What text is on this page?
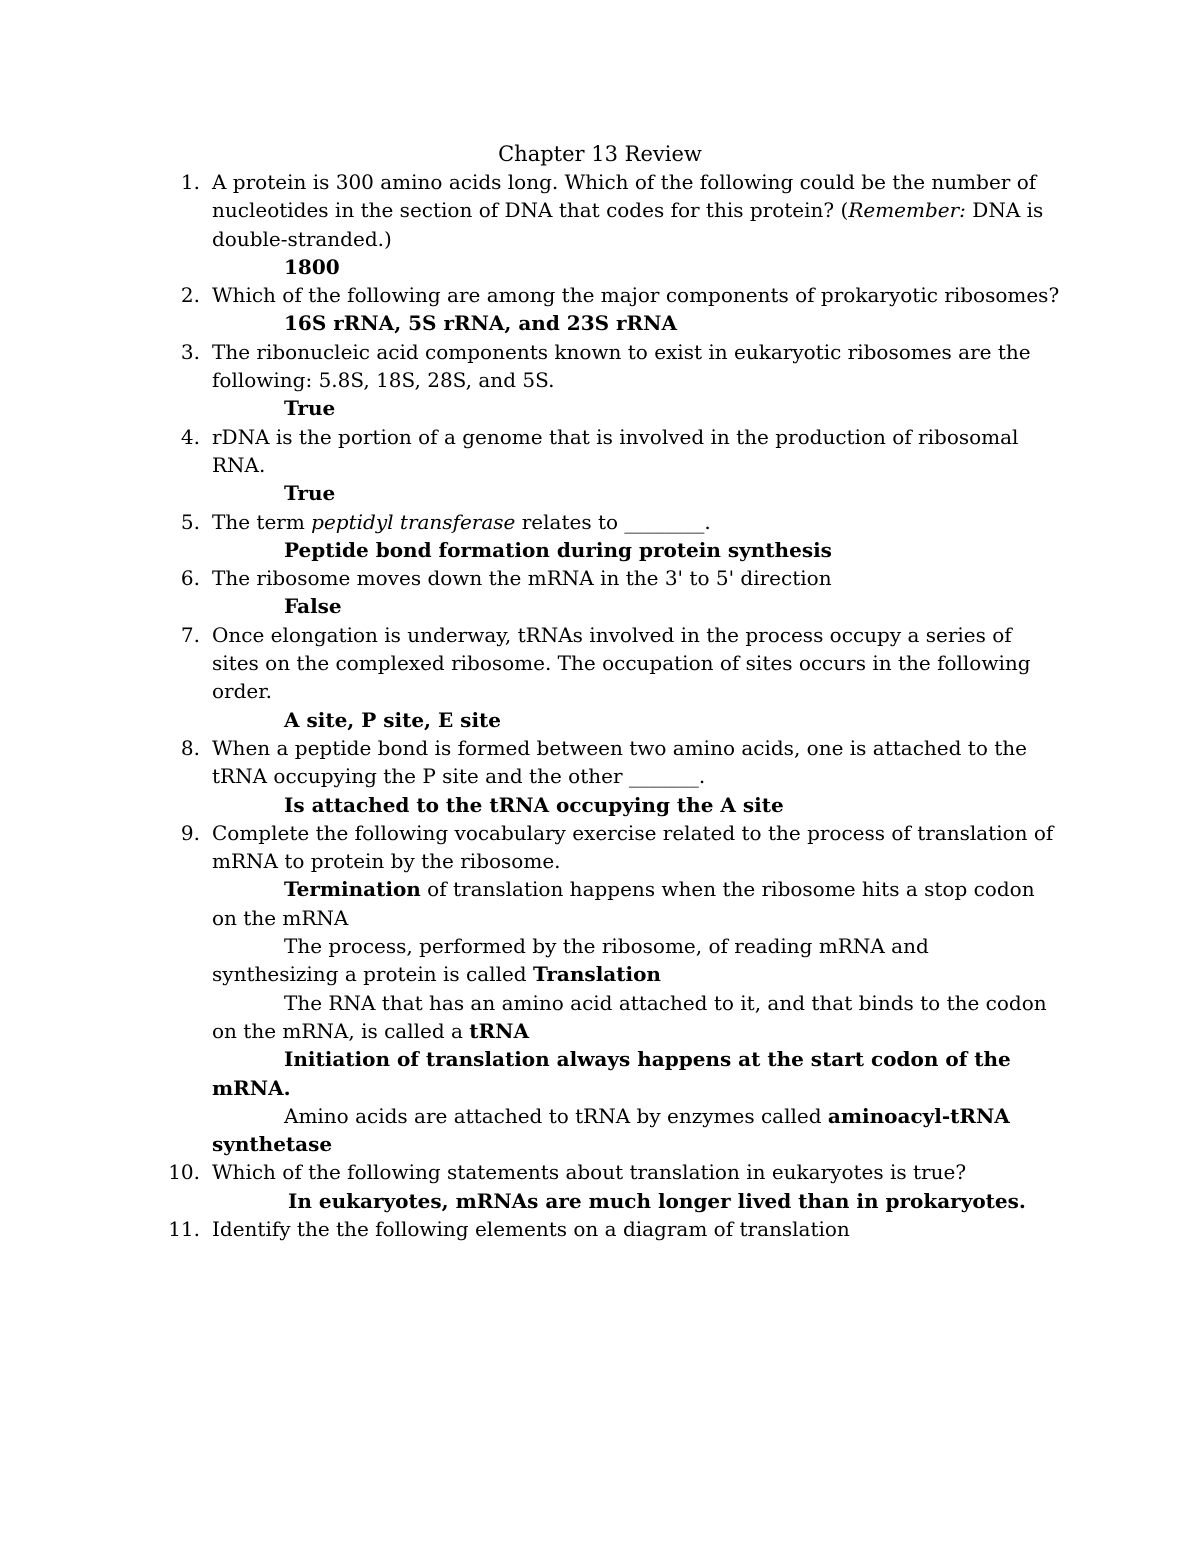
Chapter 13 Review
1. A protein is 300 amino acids long. Which of the following could be the number of nucleotides in the section of DNA that codes for this protein? (Remember: DNA is double-stranded.)
1800
2. Which of the following are among the major components of prokaryotic ribosomes?
16S rRNA, 5S rRNA, and 23S rRNA
3. The ribonucleic acid components known to exist in eukaryotic ribosomes are the following: 5.8S, 18S, 28S, and 5S.
True
4. rDNA is the portion of a genome that is involved in the production of ribosomal RNA.
True
5. The term peptidyl transferase relates to ________.
Peptide bond formation during protein synthesis
6. The ribosome moves down the mRNA in the 3' to 5' direction
False
7. Once elongation is underway, tRNAs involved in the process occupy a series of sites on the complexed ribosome. The occupation of sites occurs in the following order.
A site, P site, E site
8. When a peptide bond is formed between two amino acids, one is attached to the tRNA occupying the P site and the other _______.
Is attached to the tRNA occupying the A site
9. Complete the following vocabulary exercise related to the process of translation of mRNA to protein by the ribosome.
Termination of translation happens when the ribosome hits a stop codon on the mRNA
The process, performed by the ribosome, of reading mRNA and synthesizing a protein is called Translation
The RNA that has an amino acid attached to it, and that binds to the codon on the mRNA, is called a tRNA
Initiation of translation always happens at the start codon of the mRNA.
Amino acids are attached to tRNA by enzymes called aminoacyl-tRNA synthetase
10. Which of the following statements about translation in eukaryotes is true?
In eukaryotes, mRNAs are much longer lived than in prokaryotes.
11. Identify the the following elements on a diagram of translation
